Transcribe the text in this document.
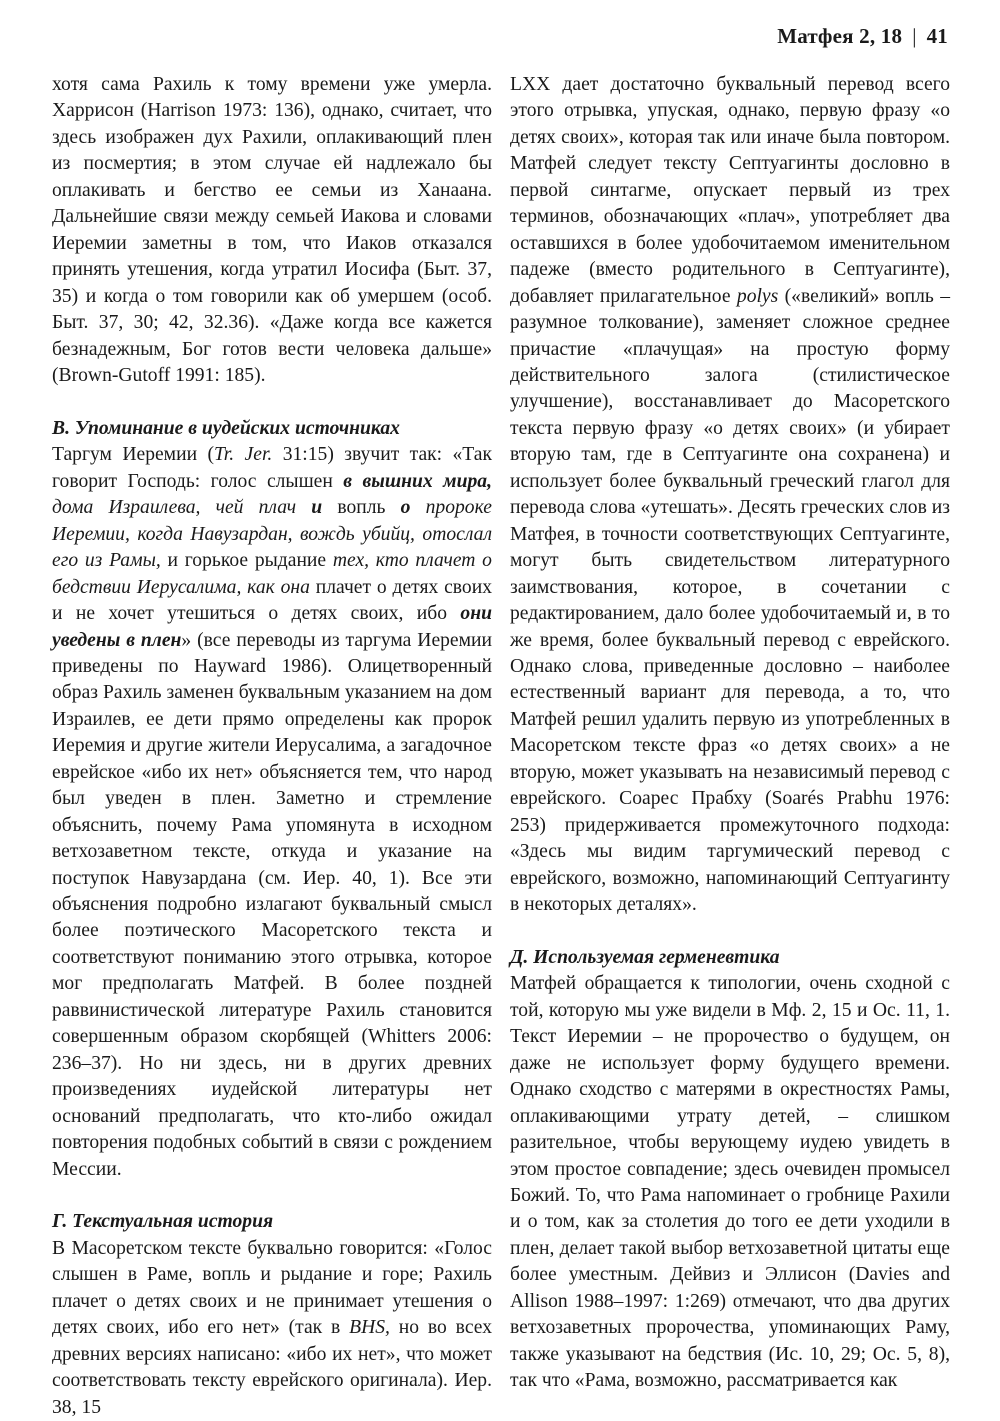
Матфея 2, 18 | 41

хотя сама Рахиль к тому времени уже умерла. Харрисон (Harrison 1973: 136), однако, считает, что здесь изображен дух Рахили, оплакивающий плен из посмертия; в этом случае ей надлежало бы оплакивать и бегство ее семьи из Ханаана. Дальнейшие связи между семьей Иакова и словами Иеремии заметны в том, что Иаков отказался принять утешения, когда утратил Иосифа (Быт. 37, 35) и когда о том говорили как об умершем (особ. Быт. 37, 30; 42, 32.36). «Даже когда все кажется безнадежным, Бог готов вести человека дальше» (Brown-Gutoff 1991: 185).

В. Упоминание в иудейских источниках

Таргум Иеремии (Tr. Jer. 31:15) звучит так: «Так говорит Господь: голос слышен в вышних мира, дома Израилева, чей плач и вопль о пророке Иеремии, когда Навузардан, вождь убийц, отослал его из Рамы, и горькое рыдание тех, кто плачет о бедствии Иерусалима, как она плачет о детях своих и не хочет утешиться о детях своих, ибо они уведены в плен» (все переводы из таргума Иеремии приведены по Hayward 1986). Олицетворенный образ Рахиль заменен буквальным указанием на дом Израилев, ее дети прямо определены как пророк Иеремия и другие жители Иерусалима, а загадочное еврейское «ибо их нет» объясняется тем, что народ был уведен в плен. Заметно и стремление объяснить, почему Рама упомянута в исходном ветхозаветном тексте, откуда и указание на поступок Навузардана (см. Иер. 40, 1). Все эти объяснения подробно излагают буквальный смысл более поэтического Масоретского текста и соответствуют пониманию этого отрывка, которое мог предполагать Матфей. В более поздней раввинистической литературе Рахиль становится совершенным образом скорбящей (Whitters 2006: 236–37). Но ни здесь, ни в других древних произведениях иудейской литературы нет оснований предполагать, что кто-либо ожидал повторения подобных событий в связи с рождением Мессии.

Г. Текстуальная история

В Масоретском тексте буквально говорится: «Голос слышен в Раме, вопль и рыдание и горе; Рахиль плачет о детях своих и не принимает утешения о детях своих, ибо его нет» (так в BHS, но во всех древних версиях написано: «ибо их нет», что может соответствовать тексту еврейского оригинала). Иер. 38, 15

LXX дает достаточно буквальный перевод всего этого отрывка, упуская, однако, первую фразу «о детях своих», которая так или иначе была повтором. Матфей следует тексту Септуагинты дословно в первой синтагме, опускает первый из трех терминов, обозначающих «плач», употребляет два оставшихся в более удобочитаемом именительном падеже (вместо родительного в Септуагинте), добавляет прилагательное polys («великий» вопль – разумное толкование), заменяет сложное среднее причастие «плачущая» на простую форму действительного залога (стилистическое улучшение), восстанавливает до Масоретского текста первую фразу «о детях своих» (и убирает вторую там, где в Септуагинте она сохранена) и использует более буквальный греческий глагол для перевода слова «утешать». Десять греческих слов из Матфея, в точности соответствующих Септуагинте, могут быть свидетельством литературного заимствования, которое, в сочетании с редактированием, дало более удобочитаемый и, в то же время, более буквальный перевод с еврейского. Однако слова, приведенные дословно – наиболее естественный вариант для перевода, а то, что Матфей решил удалить первую из употребленных в Масоретском тексте фраз «о детях своих» а не вторую, может указывать на независимый перевод с еврейского. Соарес Прабху (Soarés Prabhu 1976: 253) придерживается промежуточного подхода: «Здесь мы видим таргумический перевод с еврейского, возможно, напоминающий Септуагинту в некоторых деталях».

Д. Используемая герменевтика

Матфей обращается к типологии, очень сходной с той, которую мы уже видели в Мф. 2, 15 и Ос. 11, 1. Текст Иеремии – не пророчество о будущем, он даже не использует форму будущего времени. Однако сходство с матерями в окрестностях Рамы, оплакивающими утрату детей, – слишком разительное, чтобы верующему иудею увидеть в этом простое совпадение; здесь очевиден промысел Божий. То, что Рама напоминает о гробнице Рахили и о том, как за столетия до того ее дети уходили в плен, делает такой выбор ветхозаветной цитаты еще более уместным. Дейвиз и Эллисон (Davies and Allison 1988–1997: 1:269) отмечают, что два других ветхозаветных пророчества, упоминающих Раму, также указывают на бедствия (Ис. 10, 29; Ос. 5, 8), так что «Рама, возможно, рассматривается как
